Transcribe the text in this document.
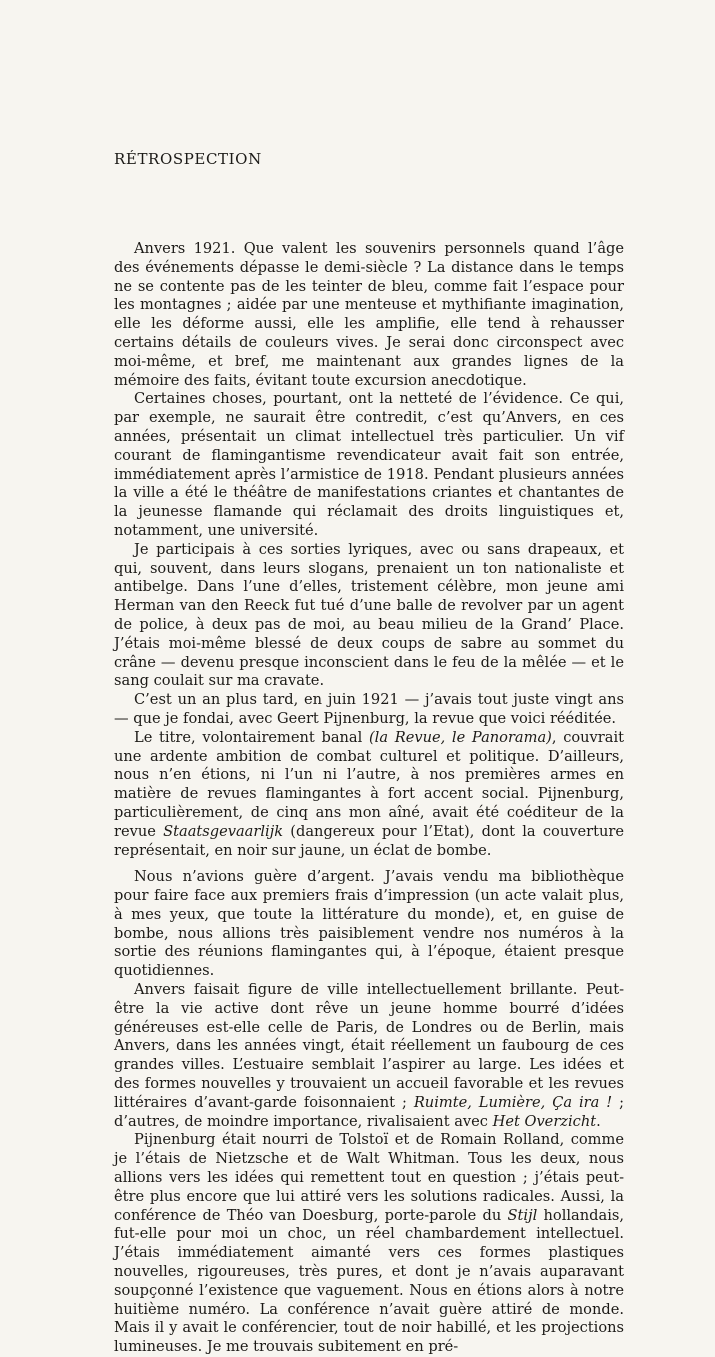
RÉTROSPECTION

Anvers 1921. Que valent les souvenirs personnels quand l’âge des événements dépasse le demi-siècle ? La distance dans le temps ne se contente pas de les teinter de bleu, comme fait l’espace pour les montagnes ; aidée par une menteuse et mythifiante imagination, elle les déforme aussi, elle les amplifie, elle tend à rehausser certains détails de couleurs vives. Je serai donc circonspect avec moi-même, et bref, me maintenant aux grandes lignes de la mémoire des faits, évitant toute excursion anecdotique.

Certaines choses, pourtant, ont la netteté de l’évidence. Ce qui, par exemple, ne saurait être contredit, c’est qu’Anvers, en ces années, présentait un climat intellectuel très particulier. Un vif courant de flamingantisme revendicateur avait fait son entrée, immédiatement après l’armistice de 1918. Pendant plusieurs années la ville a été le théâtre de manifestations criantes et chantantes de la jeunesse flamande qui réclamait des droits linguistiques et, notamment, une université.

Je participais à ces sorties lyriques, avec ou sans drapeaux, et qui, souvent, dans leurs slogans, prenaient un ton nationaliste et antibelge. Dans l’une d’elles, tristement célèbre, mon jeune ami Herman van den Reeck fut tué d’une balle de revolver par un agent de police, à deux pas de moi, au beau milieu de la Grand’ Place. J’étais moi-même blessé de deux coups de sabre au sommet du crâne — devenu presque inconscient dans le feu de la mêlée — et le sang coulait sur ma cravate.

C’est un an plus tard, en juin 1921 — j’avais tout juste vingt ans — que je fondai, avec Geert Pijnenburg, la revue que voici rééditée.

Le titre, volontairement banal (la Revue, le Panorama), couvrait une ardente ambition de combat culturel et politique. D’ailleurs, nous n’en étions, ni l’un ni l’autre, à nos premières armes en matière de revues flamingantes à fort accent social. Pijnenburg, particulièrement, de cinq ans mon aîné, avait été coéditeur de la revue Staatsgevaarlijk (dangereux pour l’Etat), dont la couverture représentait, en noir sur jaune, un éclat de bombe.

Nous n’avions guère d’argent. J’avais vendu ma bibliothèque pour faire face aux premiers frais d’impression (un acte valait plus, à mes yeux, que toute la littérature du monde), et, en guise de bombe, nous allions très paisiblement vendre nos numéros à la sortie des réunions flamingantes qui, à l’époque, étaient presque quotidiennes.

Anvers faisait figure de ville intellectuellement brillante. Peut-être la vie active dont rêve un jeune homme bourré d’idées généreuses est-elle celle de Paris, de Londres ou de Berlin, mais Anvers, dans les années vingt, était réellement un faubourg de ces grandes villes. L’estuaire semblait l’aspirer au large. Les idées et des formes nouvelles y trouvaient un accueil favorable et les revues littéraires d’avant-garde foisonnaient ; Ruimte, Lumière, Ça ira ! ; d’autres, de moindre importance, rivalisaient avec Het Overzicht.

Pijnenburg était nourri de Tolstoï et de Romain Rolland, comme je l’étais de Nietzsche et de Walt Whitman. Tous les deux, nous allions vers les idées qui remettent tout en question ; j’étais peut-être plus encore que lui attiré vers les solutions radicales. Aussi, la conférence de Théo van Doesburg, porte-parole du Stijl hollandais, fut-elle pour moi un choc, un réel chambardement intellectuel. J’étais immédiatement aimanté vers ces formes plastiques nouvelles, rigoureuses, très pures, et dont je n’avais auparavant soupçonné l’existence que vaguement. Nous en étions alors à notre huitième numéro. La conférence n’avait guère attiré de monde. Mais il y avait le conférencier, tout de noir habillé, et les projections lumineuses. Je me trouvais subitement en pré-
